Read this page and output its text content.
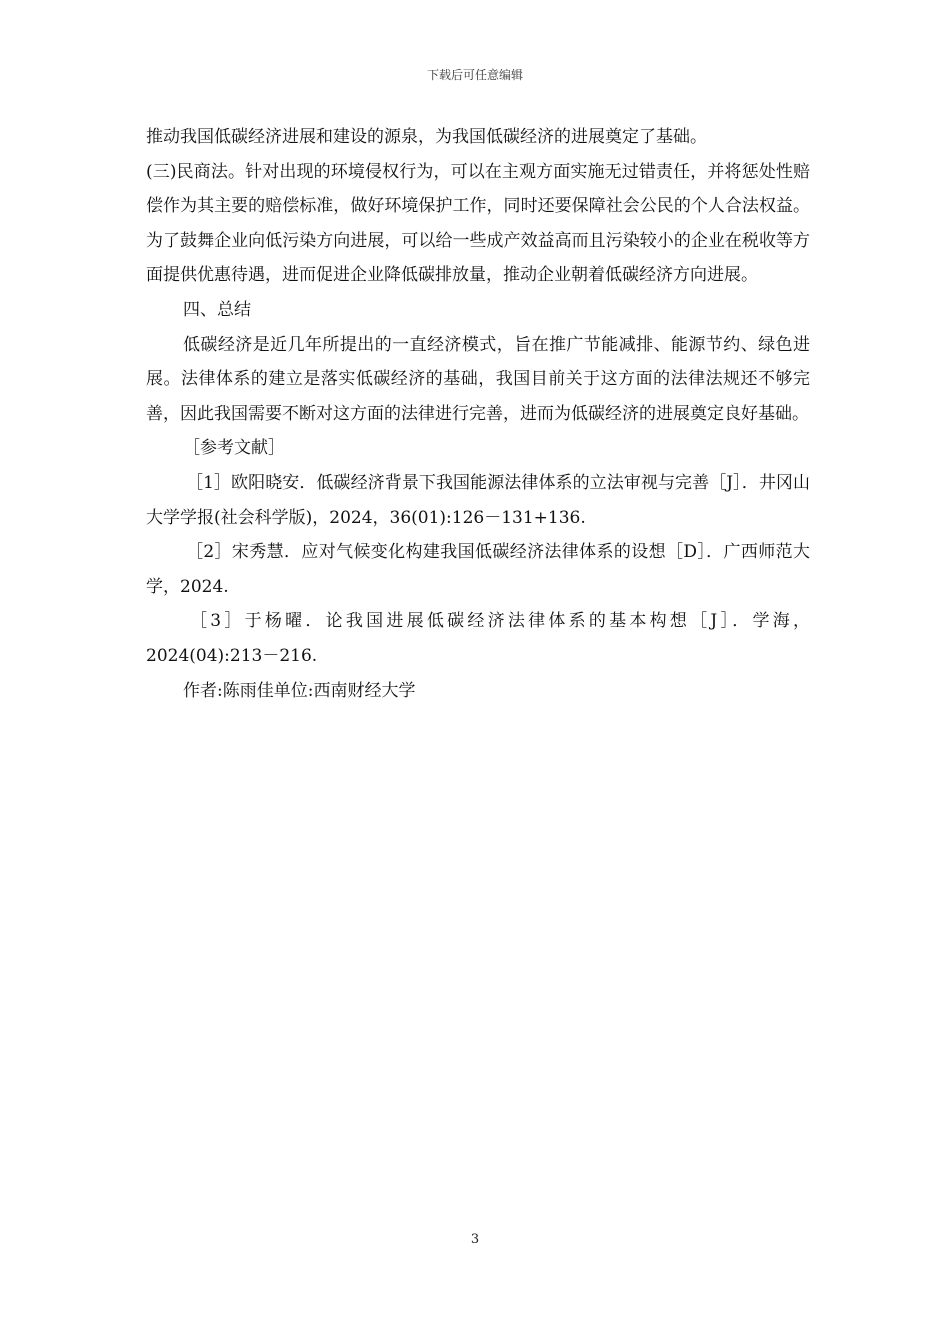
下载后可任意编辑

推动我国低碳经济进展和建设的源泉，为我国低碳经济的进展奠定了基础。

(三)民商法。针对出现的环境侵权行为，可以在主观方面实施无过错责任，并将惩处性赔偿作为其主要的赔偿标准，做好环境保护工作，同时还要保障社会公民的个人合法权益。为了鼓舞企业向低污染方向进展，可以给一些成产效益高而且污染较小的企业在税收等方面提供优惠待遇，进而促进企业降低碳排放量，推动企业朝着低碳经济方向进展。

四、总结

低碳经济是近几年所提出的一直经济模式，旨在推广节能减排、能源节约、绿色进展。法律体系的建立是落实低碳经济的基础，我国目前关于这方面的法律法规还不够完善，因此我国需要不断对这方面的法律进行完善，进而为低碳经济的进展奠定良好基础。

［参考文献］

［1］欧阳晓安．低碳经济背景下我国能源法律体系的立法审视与完善［J］．井冈山大学学报(社会科学版)，2024，36(01):126－131+136.

［2］宋秀慧．应对气候变化构建我国低碳经济法律体系的设想［D］．广西师范大学，2024.

［3］于杨曜．论我国进展低碳经济法律体系的基本构想［J］．学海，2024(04):213－216.

作者:陈雨佳单位:西南财经大学

3
